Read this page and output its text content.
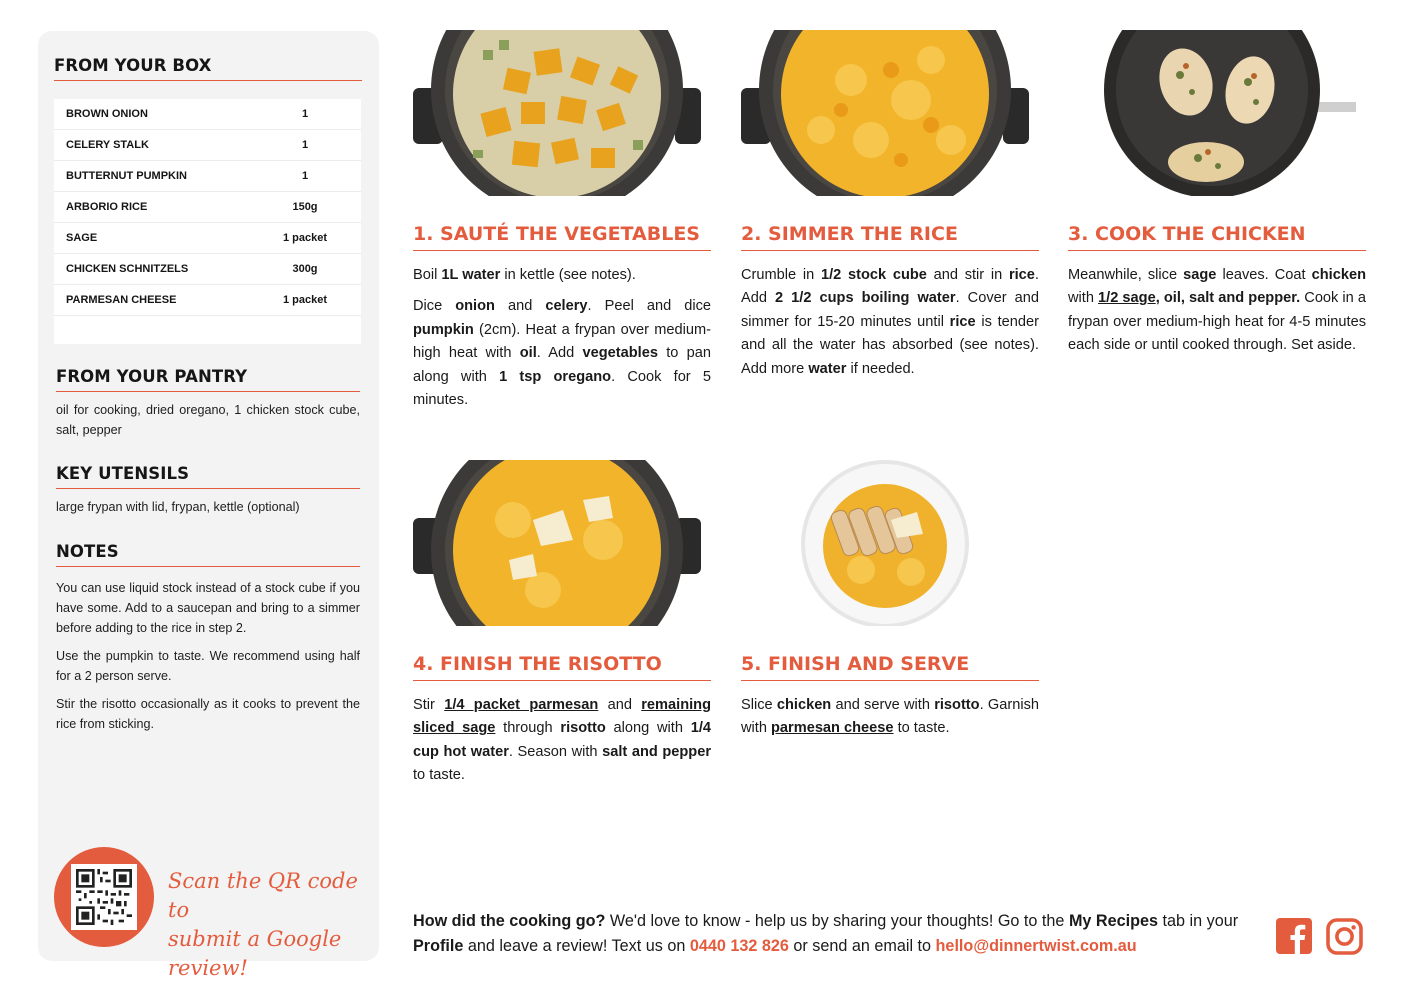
FROM YOUR BOX
BROWN ONION	1
CELERY STALK	1
BUTTERNUT PUMPKIN	1
ARBORIO RICE	150g
SAGE	1 packet
CHICKEN SCHNITZELS	300g
PARMESAN CHEESE	1 packet
FROM YOUR PANTRY
oil for cooking, dried oregano, 1 chicken stock cube, salt, pepper
KEY UTENSILS
large frypan with lid, frypan, kettle (optional)
NOTES

You can use liquid stock instead of a stock cube if you have some. Add to a saucepan and bring to a simmer before adding to the rice in step 2.

Use the pumpkin to taste. We recommend using half for a 2 person serve.

Stir the risotto occasionally as it cooks to prevent the rice from sticking.

Scan the QR code to
submit a Google review!
1. SAUTÉ THE VEGETABLES

Boil 1L water in kettle (see notes).

Dice onion and celery. Peel and dice pumpkin (2cm). Heat a frypan over medium-high heat with oil. Add vegetables to pan along with 1 tsp oregano. Cook for 5 minutes.

2. SIMMER THE RICE

Crumble in 1/2 stock cube and stir in rice. Add 2 1/2 cups boiling water. Cover and simmer for 15-20 minutes until rice is tender and all the water has absorbed (see notes). Add more water if needed.

3. COOK THE CHICKEN

Meanwhile, slice sage leaves. Coat chicken with 1/2 sage, oil, salt and pepper. Cook in a frypan over medium-high heat for 4-5 minutes each side or until cooked through. Set aside.

4. FINISH THE RISOTTO

Stir 1/4 packet parmesan and remaining sliced sage through risotto along with 1/4 cup hot water. Season with salt and pepper to taste.

5. FINISH AND SERVE

Slice chicken and serve with risotto. Garnish with parmesan cheese to taste.

How did the cooking go? We'd love to know - help us by sharing your thoughts! Go to the My Recipes tab in your Profile and leave a review! Text us on 0440 132 826 or send an email to hello@dinnertwist.com.au
